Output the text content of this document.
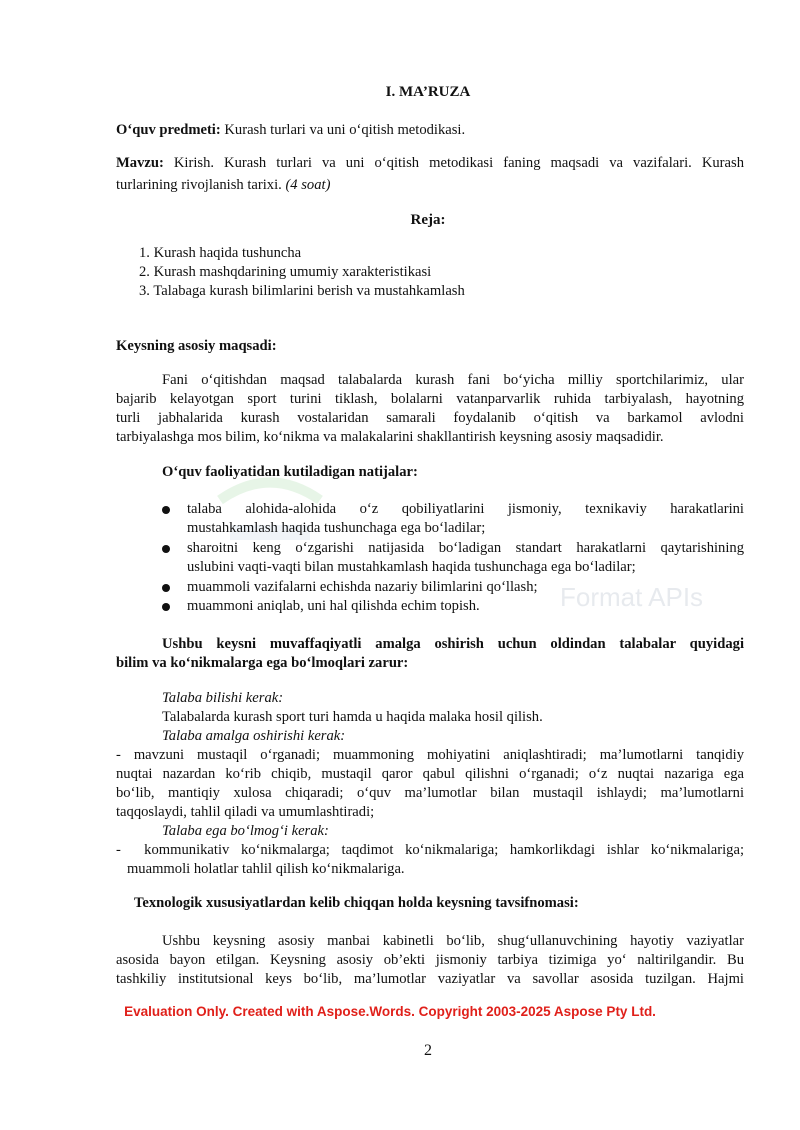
Format APIs

I. MA’RUZA

O‘quv predmeti: Kurash turlari va uni o‘qitish metodikasi.

Mavzu: Kirish. Kurash turlari va uni o‘qitish metodikasi faning maqsadi va vazifalari. Kurash

turlarining rivojlanish tarixi. (4 soat)

Reja:

1. Kurash haqida tushuncha
2. Kurash mashqdarining umumiy xarakteristikasi
3. Talabaga kurash bilimlarini berish va mustahkamlash

Keysning asosiy maqsadi:

Fani o‘qitishdan maqsad talabalarda kurash fani bo‘yicha milliy sportchilarimiz, ular

bajarib kelayotgan sport turini tiklash, bolalarni vatanparvarlik ruhida tarbiyalash, hayotning

turli jabhalarida kurash vostalaridan samarali foydalanib o‘qitish va barkamol avlodni

tarbiyalashga mos bilim, ko‘nikma va malakalarini shakllantirish keysning asosiy maqsadidir.

O‘quv faoliyatidan kutiladigan natijalar:

talaba alohida-alohida o‘z qobiliyatlarini jismoniy, texnikaviy harakatlarini

mustahkamlash haqida tushunchaga ega bo‘ladilar;

sharoitni keng o‘zgarishi natijasida bo‘ladigan standart harakatlarni qaytarishining

uslubini vaqti-vaqti bilan mustahkamlash haqida tushunchaga ega bo‘ladilar;

muammoli vazifalarni echishda nazariy bilimlarini qo‘llash;

muammoni aniqlab, uni hal qilishda echim topish.

Ushbu keysni muvaffaqiyatli amalga oshirish uchun oldindan talabalar quyidagi

bilim va ko‘nikmalarga ega bo‘lmoqlari zarur:

Talaba bilishi kerak:

Talabalarda kurash sport turi hamda u haqida malaka hosil qilish.

Talaba amalga oshirishi kerak:

- mavzuni mustaqil o‘rganadi; muammoning mohiyatini aniqlashtiradi; ma’lumotlarni tanqidiy

nuqtai nazardan ko‘rib chiqib, mustaqil qaror qabul qilishni o‘rganadi; o‘z nuqtai nazariga ega

bo‘lib, mantiqiy xulosa chiqaradi; o‘quv ma’lumotlar bilan mustaqil ishlaydi; ma’lumotlarni

taqqoslaydi, tahlil qiladi va umumlashtiradi;

Talaba ega bo‘lmog‘i kerak:

-  kommunikativ ko‘nikmalarga; taqdimot ko‘nikmalariga; hamkorlikdagi ishlar ko‘nikmalariga;

muammoli holatlar tahlil qilish ko‘nikmalariga.

Texnologik xususiyatlardan kelib chiqqan holda keysning tavsifnomasi:

Ushbu keysning asosiy manbai kabinetli bo‘lib, shug‘ullanuvchining hayotiy vaziyatlar

asosida bayon etilgan. Keysning asosiy ob’ekti jismoniy tarbiya tizimiga yo‘ naltirilgandir. Bu

tashkiliy institutsional keys bo‘lib, ma’lumotlar vaziyatlar va savollar asosida tuzilgan. Hajmi

Evaluation Only. Created with Aspose.Words. Copyright 2003-2025 Aspose Pty Ltd.
2
